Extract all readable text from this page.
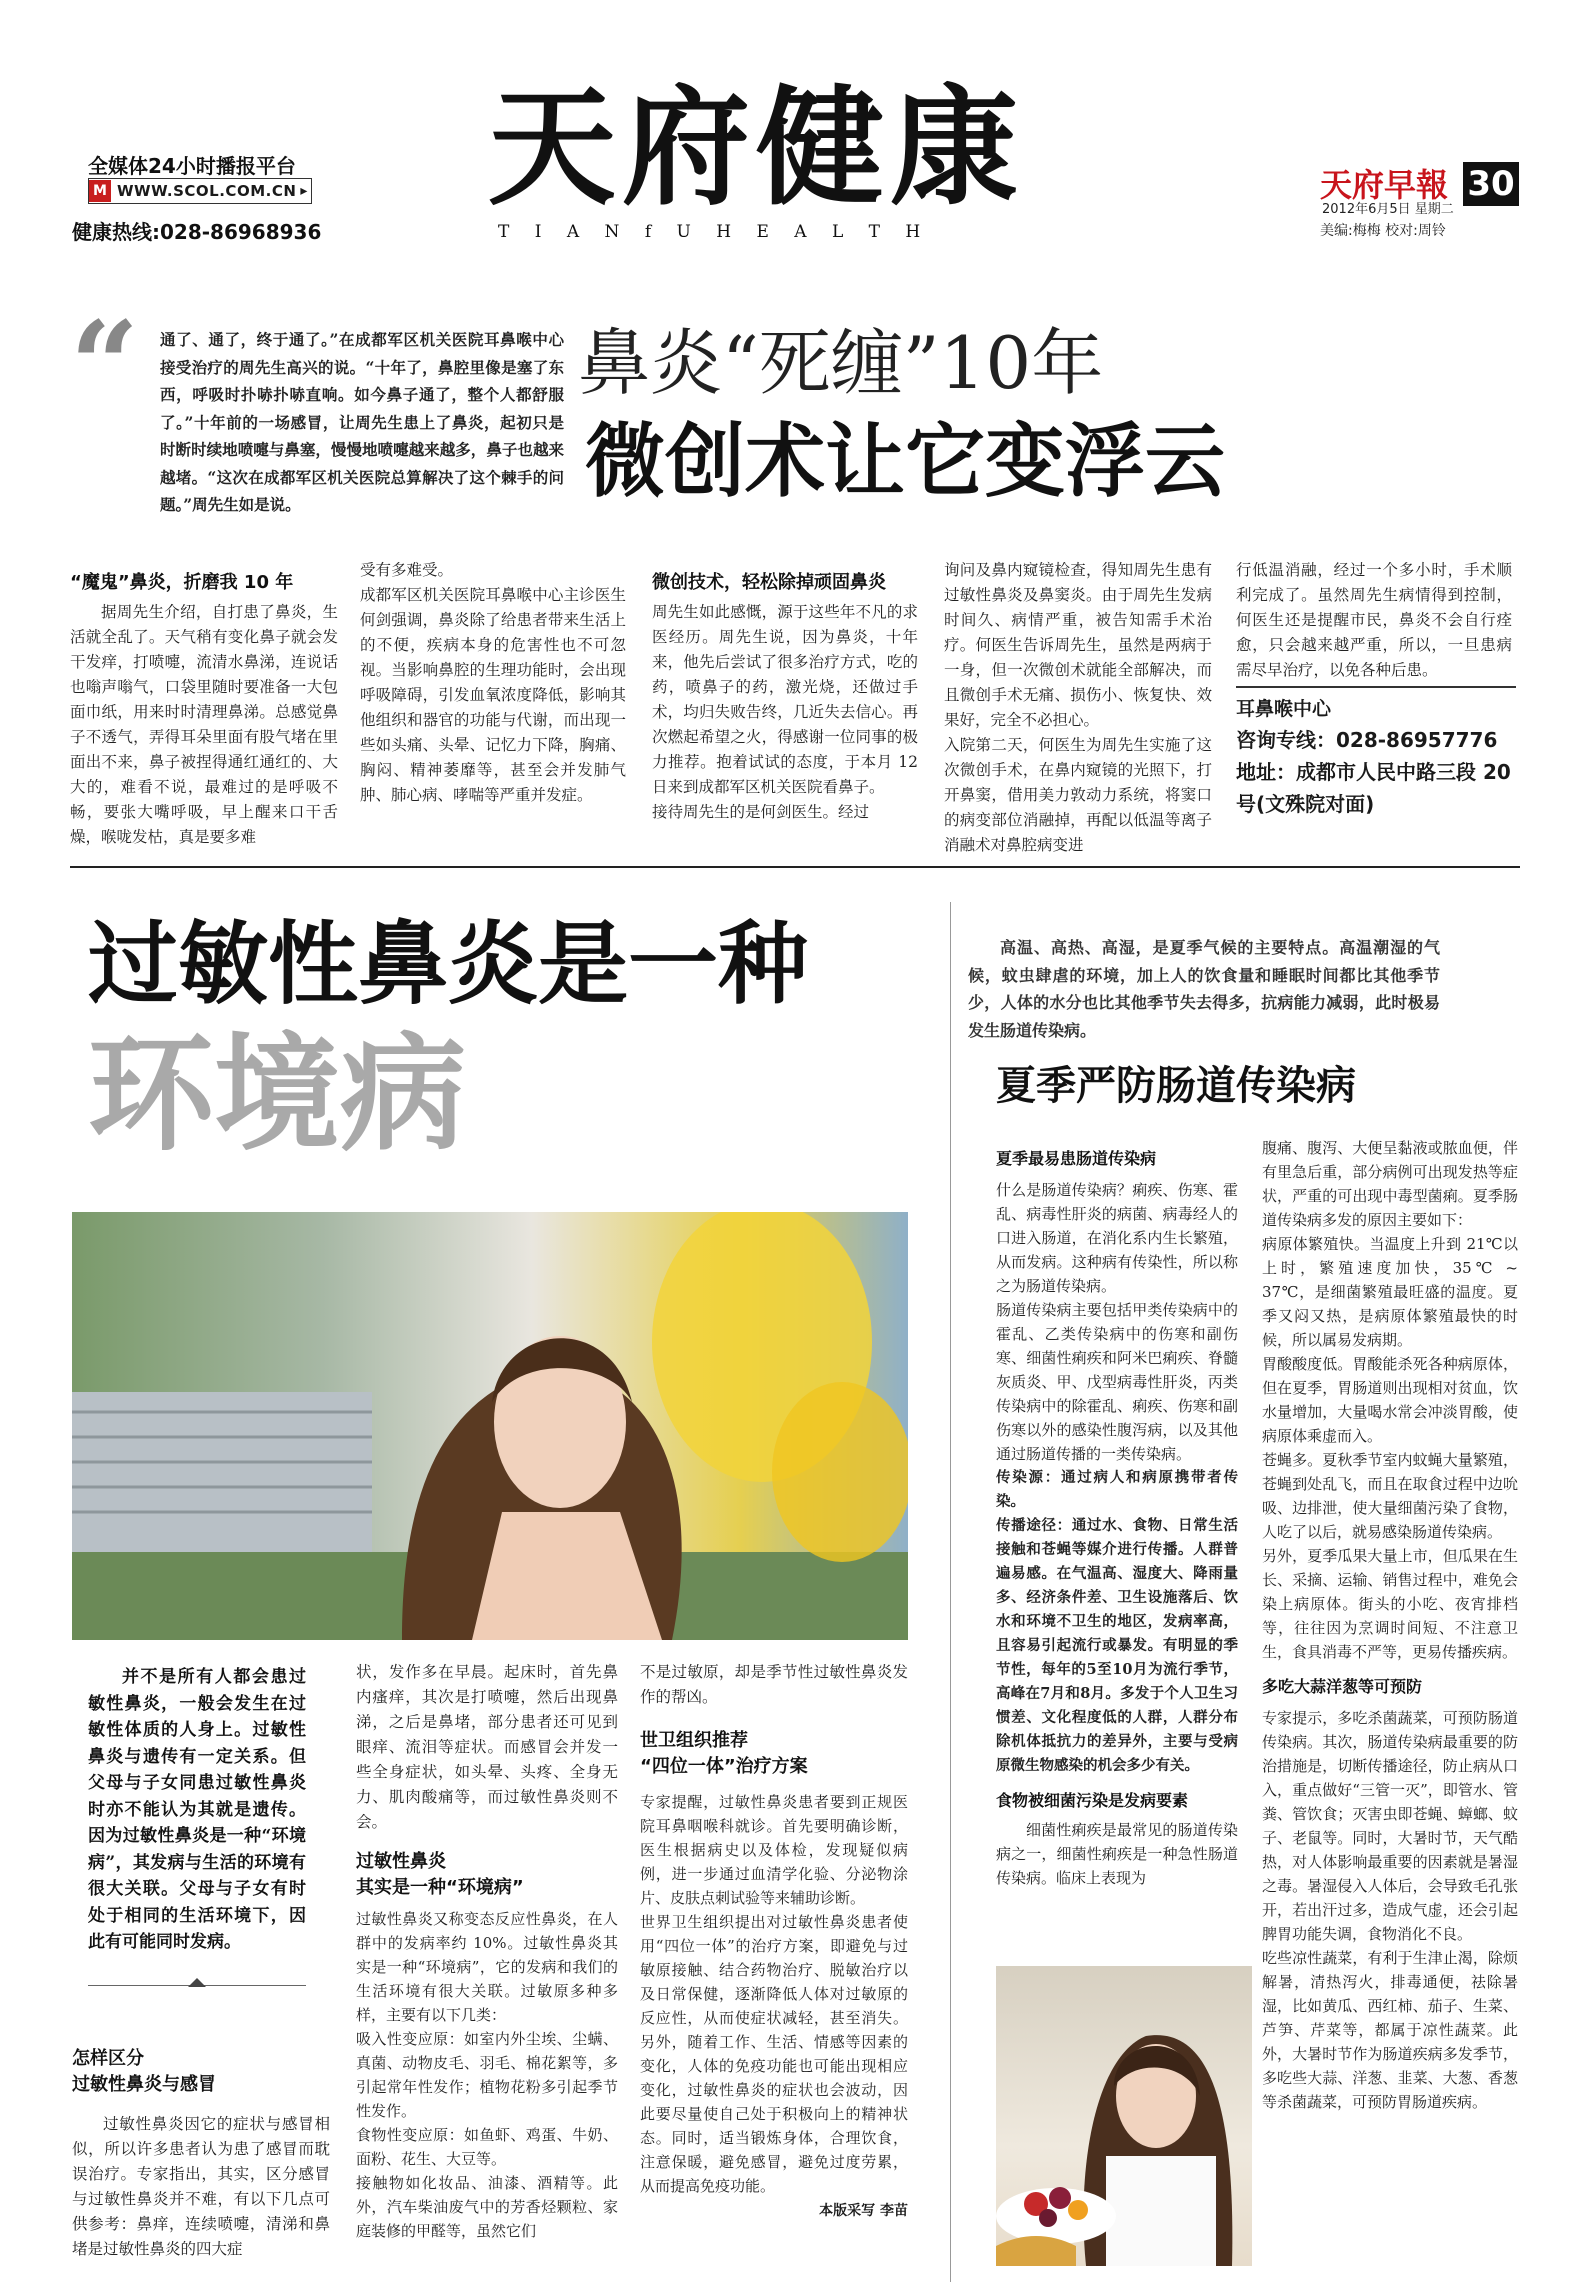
全媒体24小时播报平台
M WWW.SCOL.COM.CN ▸
健康热线:028-86968936
天府健康
T I A N f U H E A L T H
天府早報 30
2012年6月5日 星期二
美编:梅梅 校对:周铃
“ 通了、通了，终于通了。”在成都军区机关医院耳鼻喉中心接受治疗的周先生高兴的说。“十年了，鼻腔里像是塞了东西，呼吸时扑哧扑哧直响。如今鼻子通了，整个人都舒服了。”十年前的一场感冒，让周先生患上了鼻炎，起初只是时断时续地喷嚏与鼻塞，慢慢地喷嚏越来越多，鼻子也越来越堵。“这次在成都军区机关医院总算解决了这个棘手的问题。”周先生如是说。
鼻炎“死缠”10年
微创术让它变浮云
“魔鬼”鼻炎，折磨我 10 年
据周先生介绍，自打患了鼻炎，生活就全乱了。天气稍有变化鼻子就会发干发痒，打喷嚏，流清水鼻涕，连说话也嗡声嗡气，口袋里随时要准备一大包面巾纸，用来时时清理鼻涕。总感觉鼻子不透气，弄得耳朵里面有股气堵在里面出不来，鼻子被捏得通红通红的、大大的，难看不说，最难过的是呼吸不畅，要张大嘴呼吸，早上醒来口干舌燥，喉咙发枯，真是要多难
受有多难受。
成都军区机关医院耳鼻喉中心主诊医生何剑强调，鼻炎除了给患者带来生活上的不便，疾病本身的危害性也不可忽视。当影响鼻腔的生理功能时，会出现呼吸障碍，引发血氧浓度降低，影响其他组织和器官的功能与代谢，而出现一些如头痛、头晕、记忆力下降，胸痛、胸闷、精神萎靡等，甚至会并发肺气肿、肺心病、哮喘等严重并发症。
微创技术，轻松除掉顽固鼻炎
周先生如此感慨，源于这些年不凡的求医经历。周先生说，因为鼻炎，十年来，他先后尝试了很多治疗方式，吃的药，喷鼻子的药，激光烧，还做过手术，均归失败告终，几近失去信心。再次燃起希望之火，得感谢一位同事的极力推荐。抱着试试的态度，于本月 12 日来到成都军区机关医院看鼻子。
接待周先生的是何剑医生。经过
询问及鼻内窥镜检查，得知周先生患有过敏性鼻炎及鼻窦炎。由于周先生发病时间久、病情严重，被告知需手术治疗。何医生告诉周先生，虽然是两病于一身，但一次微创术就能全部解决，而且微创手术无痛、损伤小、恢复快、效果好，完全不必担心。
入院第二天，何医生为周先生实施了这次微创手术，在鼻内窥镜的光照下，打开鼻窦，借用美力敦动力系统，将窦口的病变部位消融掉，再配以低温等离子消融术对鼻腔病变进
行低温消融，经过一个多小时，手术顺利完成了。虽然周先生病情得到控制，何医生还是提醒市民，鼻炎不会自行痊愈，只会越来越严重，所以，一旦患病需尽早治疗，以免各种后患。
耳鼻喉中心
咨询专线：028-86957776
地址：成都市人民中路三段 20 号(文殊院对面)
过敏性鼻炎是一种
环境病
并不是所有人都会患过敏性鼻炎，一般会发生在过敏性体质的人身上。过敏性鼻炎与遗传有一定关系。但父母与子女同患过敏性鼻炎时亦不能认为其就是遗传。因为过敏性鼻炎是一种“环境病”，其发病与生活的环境有很大关联。父母与子女有时处于相同的生活环境下，因此有可能同时发病。
怎样区分
过敏性鼻炎与感冒
过敏性鼻炎因它的症状与感冒相似，所以许多患者认为患了感冒而耽误治疗。专家指出，其实，区分感冒与过敏性鼻炎并不难，有以下几点可供参考：鼻痒，连续喷嚏，清涕和鼻堵是过敏性鼻炎的四大症
状，发作多在早晨。起床时，首先鼻内瘙痒，其次是打喷嚏，然后出现鼻涕，之后是鼻堵，部分患者还可见到眼痒、流泪等症状。而感冒会并发一些全身症状，如头晕、头疼、全身无力、肌肉酸痛等，而过敏性鼻炎则不会。
过敏性鼻炎
其实是一种“环境病”
过敏性鼻炎又称变态反应性鼻炎，在人群中的发病率约 10%。过敏性鼻炎其实是一种“环境病”，它的发病和我们的生活环境有很大关联。过敏原多种多样，主要有以下几类：
吸入性变应原：如室内外尘埃、尘螨、真菌、动物皮毛、羽毛、棉花絮等，多引起常年性发作；植物花粉多引起季节性发作。
食物性变应原：如鱼虾、鸡蛋、牛奶、面粉、花生、大豆等。
接触物如化妆品、油漆、酒精等。此外，汽车柴油废气中的芳香烃颗粒、家庭装修的甲醛等，虽然它们
不是过敏原，却是季节性过敏性鼻炎发作的帮凶。
世卫组织推荐
“四位一体”治疗方案
专家提醒，过敏性鼻炎患者要到正规医院耳鼻咽喉科就诊。首先要明确诊断，医生根据病史以及体检，发现疑似病例，进一步通过血清学化验、分泌物涂片、皮肤点刺试验等来辅助诊断。
世界卫生组织提出对过敏性鼻炎患者使用“四位一体”的治疗方案，即避免与过敏原接触、结合药物治疗、脱敏治疗以及日常保健，逐渐降低人体对过敏原的反应性，从而使症状减轻，甚至消失。另外，随着工作、生活、情感等因素的变化，人体的免疫功能也可能出现相应变化，过敏性鼻炎的症状也会波动，因此要尽量使自己处于积极向上的精神状态。同时，适当锻炼身体，合理饮食，注意保暖，避免感冒，避免过度劳累，从而提高免疫功能。
本版采写 李苗
高温、高热、高湿，是夏季气候的主要特点。高温潮湿的气候，蚊虫肆虐的环境，加上人的饮食量和睡眠时间都比其他季节少，人体的水分也比其他季节失去得多，抗病能力减弱，此时极易发生肠道传染病。
夏季严防肠道传染病
夏季最易患肠道传染病
什么是肠道传染病？痢疾、伤寒、霍乱、病毒性肝炎的病菌、病毒经人的口进入肠道，在消化系内生长繁殖，从而发病。这种病有传染性，所以称之为肠道传染病。
肠道传染病主要包括甲类传染病中的霍乱、乙类传染病中的伤寒和副伤寒、细菌性痢疾和阿米巴痢疾、脊髓灰质炎、甲、戊型病毒性肝炎，丙类传染病中的除霍乱、痢疾、伤寒和副伤寒以外的感染性腹泻病，以及其他通过肠道传播的一类传染病。
传染源：通过病人和病原携带者传染。
传播途径：通过水、食物、日常生活接触和苍蝇等媒介进行传播。人群普遍易感。在气温高、湿度大、降雨量多、经济条件差、卫生设施落后、饮水和环境不卫生的地区，发病率高，且容易引起流行或暴发。有明显的季节性，每年的5至10月为流行季节，高峰在7月和8月。多发于个人卫生习惯差、文化程度低的人群，人群分布除机体抵抗力的差异外，主要与受病原微生物感染的机会多少有关。
食物被细菌污染是发病要素
细菌性痢疾是最常见的肠道传染病之一，细菌性痢疾是一种急性肠道传染病。临床上表现为
腹痛、腹泻、大便呈黏液或脓血便，伴有里急后重，部分病例可出现发热等症状，严重的可出现中毒型菌痢。夏季肠道传染病多发的原因主要如下：
病原体繁殖快。当温度上升到 21℃以上时，繁殖速度加快，35℃ ~ 37℃，是细菌繁殖最旺盛的温度。夏季又闷又热，是病原体繁殖最快的时候，所以属易发病期。
胃酸酸度低。胃酸能杀死各种病原体，但在夏季，胃肠道则出现相对贫血，饮水量增加，大量喝水常会冲淡胃酸，使病原体乘虚而入。
苍蝇多。夏秋季节室内蚊蝇大量繁殖，苍蝇到处乱飞，而且在取食过程中边吮吸、边排泄，使大量细菌污染了食物，人吃了以后，就易感染肠道传染病。
另外，夏季瓜果大量上市，但瓜果在生长、采摘、运输、销售过程中，难免会染上病原体。街头的小吃、夜宵排档等，往往因为烹调时间短、不注意卫生，食具消毒不严等，更易传播疾病。
多吃大蒜洋葱等可预防
专家提示，多吃杀菌蔬菜，可预防肠道传染病。其次，肠道传染病最重要的防治措施是，切断传播途径，防止病从口入，重点做好“三管一灭”，即管水、管粪、管饮食；灭害虫即苍蝇、蟑螂、蚊子、老鼠等。同时，大暑时节，天气酷热，对人体影响最重要的因素就是暑湿之毒。暑湿侵入人体后，会导致毛孔张开，若出汗过多，造成气虚，还会引起脾胃功能失调，食物消化不良。
吃些凉性蔬菜，有利于生津止渴，除烦解暑，清热泻火，排毒通便，祛除暑湿，比如黄瓜、西红柿、茄子、生菜、芦笋、芹菜等，都属于凉性蔬菜。此外，大暑时节作为肠道疾病多发季节，多吃些大蒜、洋葱、韭菜、大葱、香葱等杀菌蔬菜，可预防胃肠道疾病。
